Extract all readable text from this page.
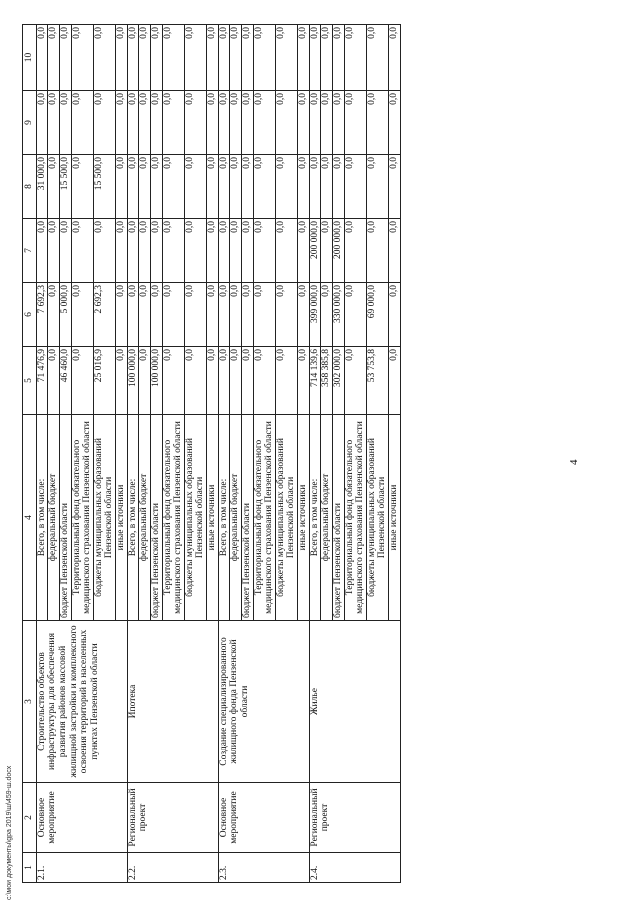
4
c:\мои документы\gpa 2019\ш\459-ш.docx 1	2	3	4	5	6	7	8	9	10
2.1.	Основное мероприятие	Строительство объектов инфраструктуры для обеспечения развития районов массовой жилищной застройки и комплексного освоения территорий в населенных пунктах Пензенской области	Всего, в том числе:	71 476,9	7 692,3	0,0	31 000,0	0,0	0,0
			федеральный бюджет	0,0	0,0	0,0	0,0	0,0	0,0
			бюджет Пензенской области	46 460,0	5 000,0	0,0	15 500,0	0,0	0,0
			Территориальный фонд обязательного медицинского страхования Пензенской области	0,0	0,0	0,0	0,0	0,0	0,0
			бюджеты муниципальных образований Пензенской области	25 016,9	2 692,3	0,0	15 500,0	0,0	0,0
			иные источники	0,0	0,0	0,0	0,0	0,0	0,0
2.2.	Региональный проект	Ипотека	Всего, в том числе:	100 000,0	0,0	0,0	0,0	0,0	0,0
			федеральный бюджет	0,0	0,0	0,0	0,0	0,0	0,0
			бюджет Пензенской области	100 000,0	0,0	0,0	0,0	0,0	0,0
			Территориальный фонд обязательного медицинского страхования Пензенской области	0,0	0,0	0,0	0,0	0,0	0,0
			бюджеты муниципальных образований Пензенской области	0,0	0,0	0,0	0,0	0,0	0,0
			иные источники	0,0	0,0	0,0	0,0	0,0	0,0
2.3.	Основное мероприятие	Создание специализированного жилищного фонда Пензенской области	Всего, в том числе:	0,0	0,0	0,0	0,0	0,0	0,0
			федеральный бюджет	0,0	0,0	0,0	0,0	0,0	0,0
			бюджет Пензенской области	0,0	0,0	0,0	0,0	0,0	0,0
			Территориальный фонд обязательного медицинского страхования Пензенской области	0,0	0,0	0,0	0,0	0,0	0,0
			бюджеты муниципальных образований Пензенской области	0,0	0,0	0,0	0,0	0,0	0,0
			иные источники	0,0	0,0	0,0	0,0	0,0	0,0
2.4.	Региональный проект	Жилье	Всего, в том числе:	714 139,6	399 000,0	200 000,0	0,0	0,0	0,0
			федеральный бюджет	358 385,8	0,0	0,0	0,0	0,0	0,0
			бюджет Пензенской области	302 000,0	330 000,0	200 000,0	0,0	0,0	0,0
			Территориальный фонд обязательного медицинского страхования Пензенской области	0,0	0,0	0,0	0,0	0,0	0,0
			бюджеты муниципальных образований Пензенской области	53 753,8	69 000,0	0,0	0,0	0,0	0,0
			иные источники	0,0	0,0	0,0	0,0	0,0	0,0
